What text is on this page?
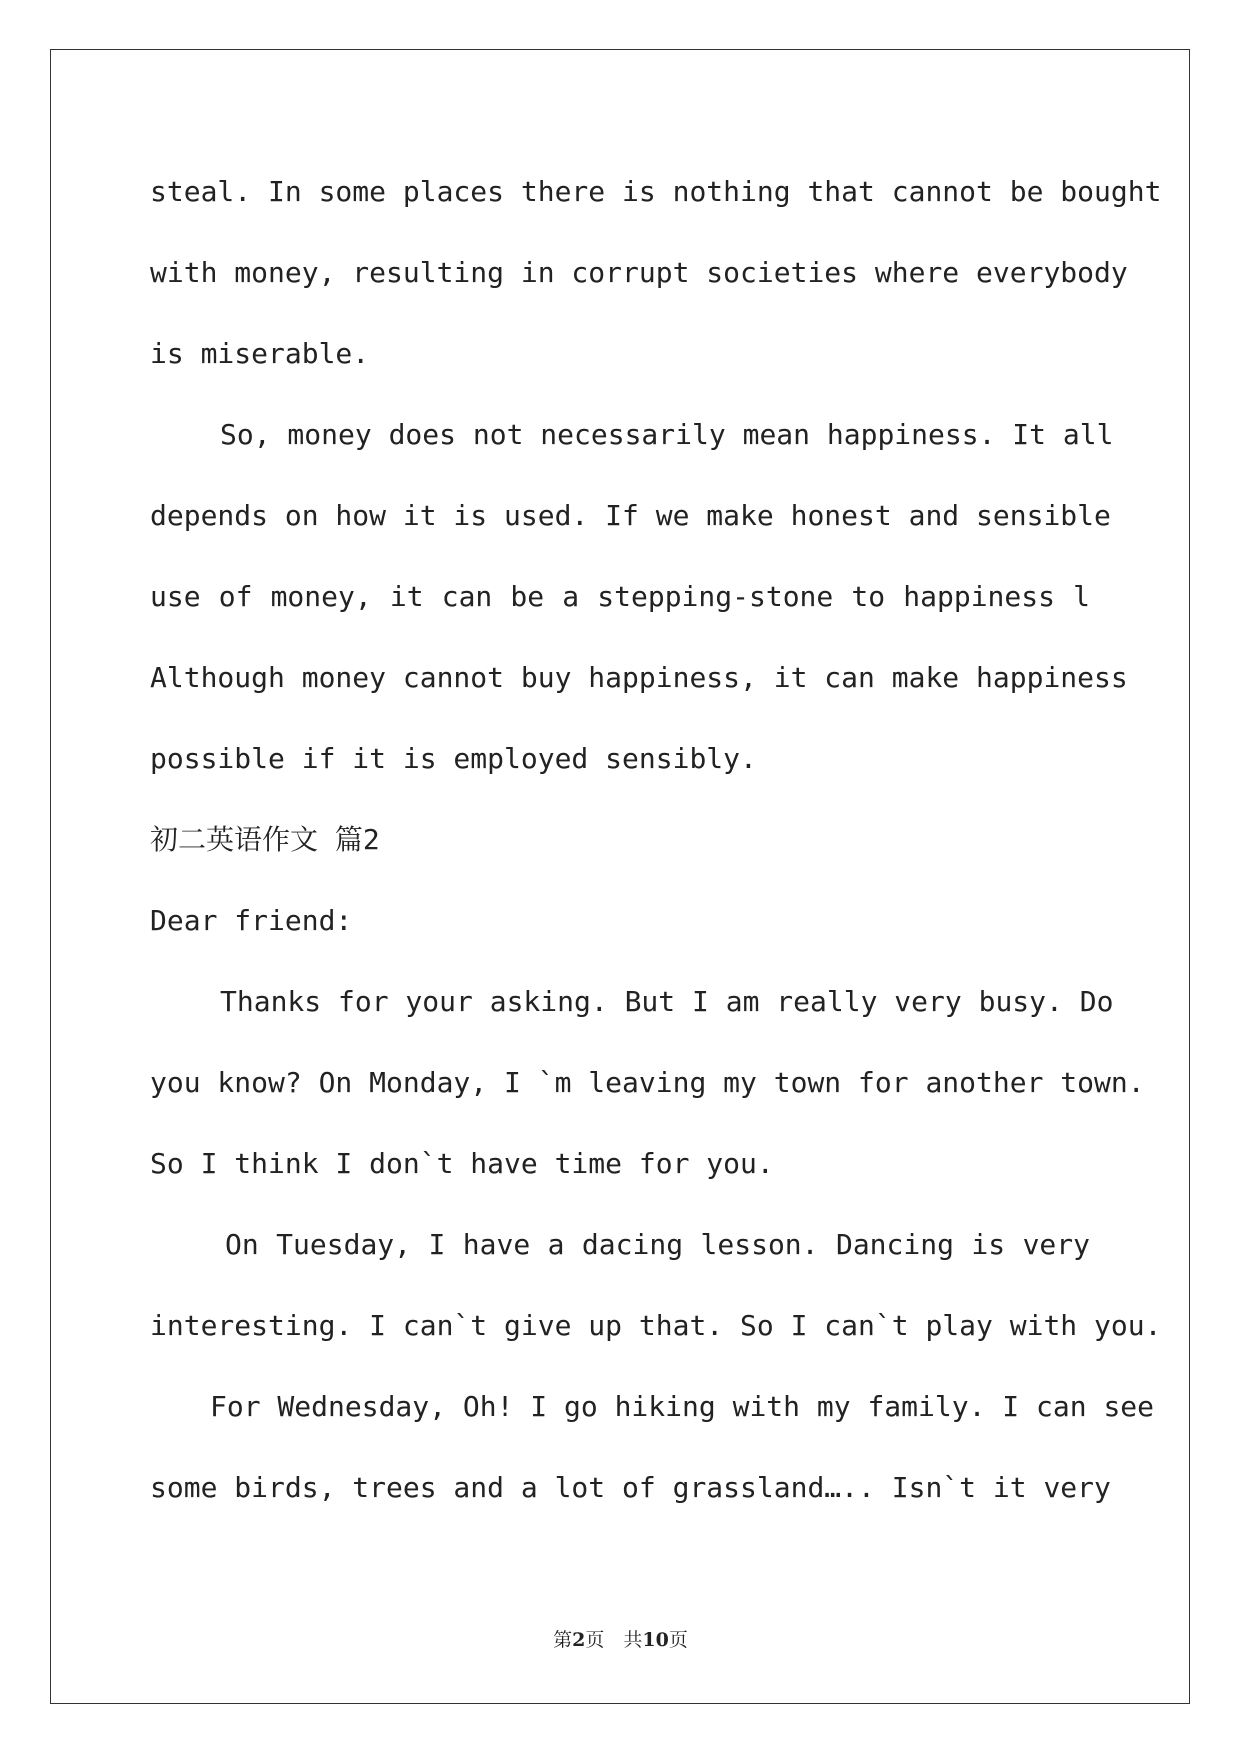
steal. In some places there is nothing that cannot be bought

with money, resulting in corrupt societies where everybody

is miserable.

So, money does not necessarily mean happiness. It all

depends on how it is used. If we make honest and sensible

use of money, it can be a stepping-stone to happiness l

Although money cannot buy happiness, it can make happiness

possible if it is employed sensibly.

初二英语作文 篇2

Dear friend:

Thanks for your asking. But I am really very busy. Do

you know? On Monday, I `m leaving my town for another town.

So I think I don`t have time for you.

On Tuesday, I have a dacing lesson. Dancing is very

interesting. I can`t give up that. So I can`t play with you.

For Wednesday, Oh! I go hiking with my family. I can see

some birds, trees and a lot of grassland….. Isn`t it very

第2页　共10页
